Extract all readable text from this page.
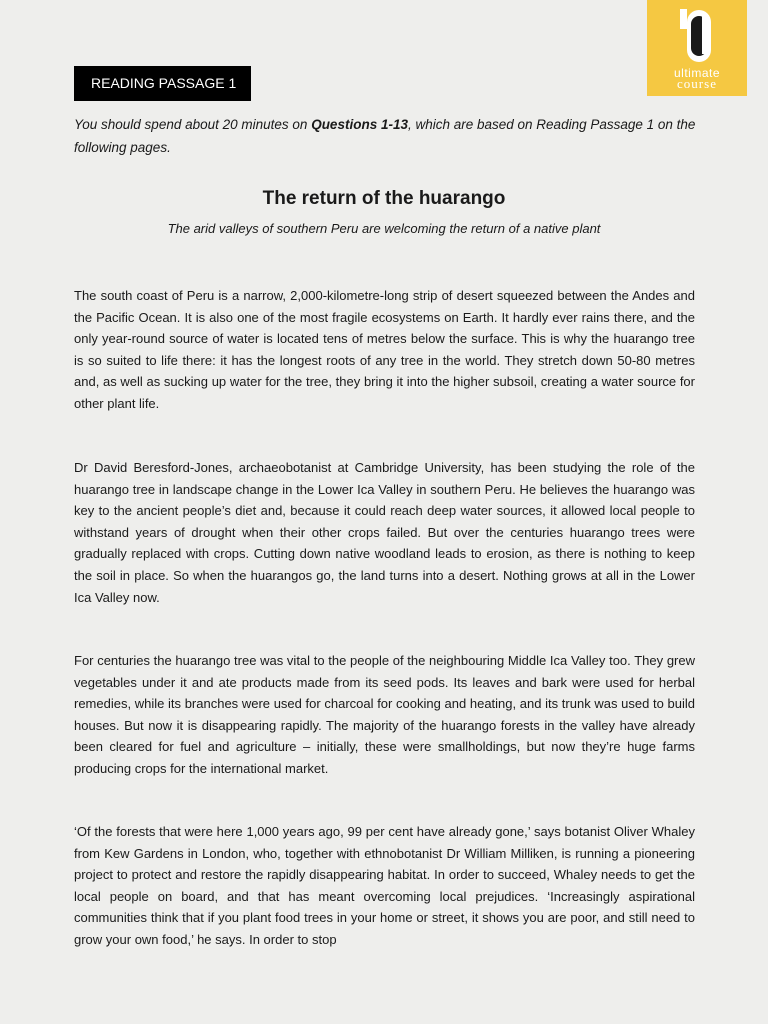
ultimate
course
READING PASSAGE 1

You should spend about 20 minutes on Questions 1-13, which are based on Reading Passage 1 on the following pages.

The return of the huarango

The arid valleys of southern Peru are welcoming the return of a native plant

The south coast of Peru is a narrow, 2,000-kilometre-long strip of desert squeezed between the Andes and the Pacific Ocean. It is also one of the most fragile ecosystems on Earth. It hardly ever rains there, and the only year-round source of water is located tens of metres below the surface. This is why the huarango tree is so suited to life there: it has the longest roots of any tree in the world. They stretch down 50-80 metres and, as well as sucking up water for the tree, they bring it into the higher subsoil, creating a water source for other plant life.

Dr David Beresford-Jones, archaeobotanist at Cambridge University, has been studying the role of the huarango tree in landscape change in the Lower Ica Valley in southern Peru. He believes the huarango was key to the ancient people’s diet and, because it could reach deep water sources, it allowed local people to withstand years of drought when their other crops failed. But over the centuries huarango trees were gradually replaced with crops. Cutting down native woodland leads to erosion, as there is nothing to keep the soil in place. So when the huarangos go, the land turns into a desert. Nothing grows at all in the Lower Ica Valley now.

For centuries the huarango tree was vital to the people of the neighbouring Middle Ica Valley too. They grew vegetables under it and ate products made from its seed pods. Its leaves and bark were used for herbal remedies, while its branches were used for charcoal for cooking and heating, and its trunk was used to build houses. But now it is disappearing rapidly. The majority of the huarango forests in the valley have already been cleared for fuel and agriculture – initially, these were smallholdings, but now they’re huge farms producing crops for the international market.

‘Of the forests that were here 1,000 years ago, 99 per cent have already gone,’ says botanist Oliver Whaley from Kew Gardens in London, who, together with ethnobotanist Dr William Milliken, is running a pioneering project to protect and restore the rapidly disappearing habitat. In order to succeed, Whaley needs to get the local people on board, and that has meant overcoming local prejudices. ‘Increasingly aspirational communities think that if you plant food trees in your home or street, it shows you are poor, and still need to grow your own food,’ he says. In order to stop
